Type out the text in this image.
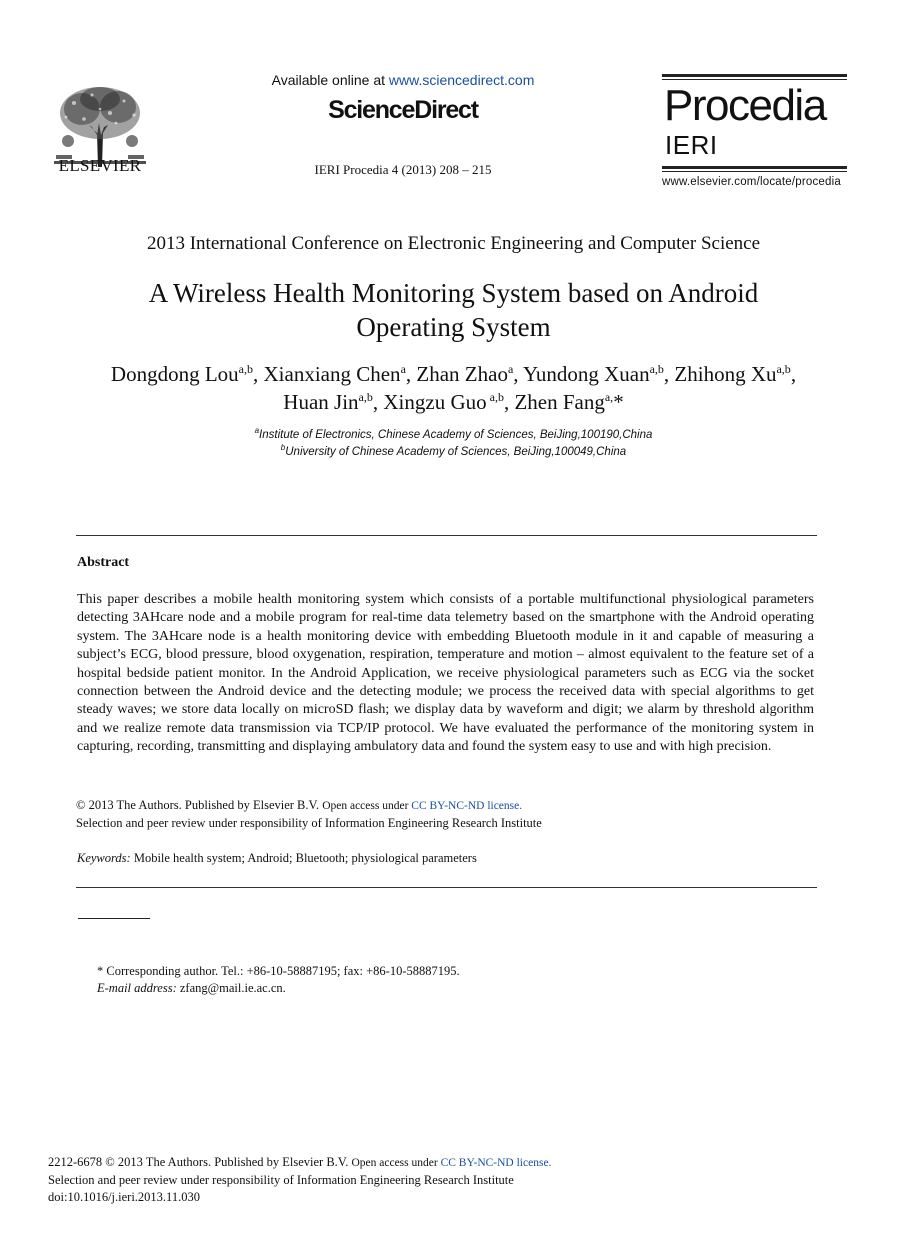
ELSEVIER
Available online at www.sciencedirect.com
ScienceDirect
IERI Procedia 4 (2013) 208 – 215
Procedia
IERI
www.elsevier.com/locate/procedia
2013 International Conference on Electronic Engineering and Computer Science
A Wireless Health Monitoring System based on Android
Operating System
Dongdong Lou$^{a,b}$, Xianxiang Chen$^a$, Zhan Zhao$^a$, Yundong Xuan$^{a,b}$, Zhihong Xu$^{a,b}$,
Huan Jin$^{a,b}$, Xingzu Guo $^{a,b}$, Zhen Fang$^{a,}$*
$^a$Institute of Electronics, Chinese Academy of Sciences, BeiJing,100190,China
$^b$University of Chinese Academy of Sciences, BeiJing,100049,China
Abstract
This paper describes a mobile health monitoring system which consists of a portable multifunctional physiological parameters detecting 3AHcare node and a mobile program for real-time data telemetry based on the smartphone with the Android operating system. The 3AHcare node is a health monitoring device with embedding Bluetooth module in it and capable of measuring a subject’s ECG, blood pressure, blood oxygenation, respiration, temperature and motion – almost equivalent to the feature set of a hospital bedside patient monitor. In the Android Application, we receive physiological parameters such as ECG via the socket connection between the Android device and the detecting module; we process the received data with special algorithms to get steady waves; we store data locally on microSD flash; we display data by waveform and digit; we alarm by threshold algorithm and we realize remote data transmission via TCP/IP protocol. We have evaluated the performance of the monitoring system in capturing, recording, transmitting and displaying ambulatory data and found the system easy to use and with high precision.
© 2013 The Authors. Published by Elsevier B.V. Open access under CC BY-NC-ND license.
Selection and peer review under responsibility of Information Engineering Research Institute
Keywords: Mobile health system; Android; Bluetooth; physiological parameters
* Corresponding author. Tel.: +86-10-58887195; fax: +86-10-58887195.
E-mail address: zfang@mail.ie.ac.cn.
2212-6678 © 2013 The Authors. Published by Elsevier B.V. Open access under CC BY-NC-ND license.
Selection and peer review under responsibility of Information Engineering Research Institute
doi:10.1016/j.ieri.2013.11.030
